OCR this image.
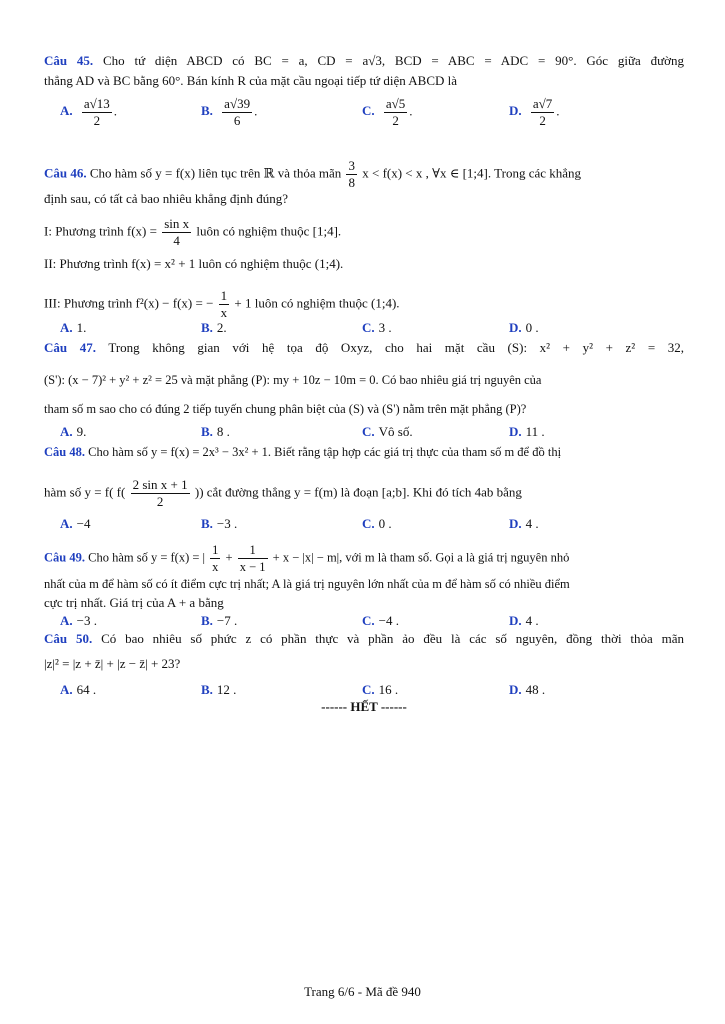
Câu 45. Cho tứ diện ABCD có BC = a, CD = a√3, BCD = ABC = ADC = 90°. Góc giữa đường
thẳng AD và BC bằng 60°. Bán kính R của mặt cầu ngoại tiếp tứ diện ABCD là
A. $\frac{a√13}{2}$ .	B. $\frac{a√39}{6}$ .	C. $\frac{a√5}{2}$ .	D. $\frac{a√7}{2}$ .
Câu 46. Cho hàm số y = f(x) liên tục trên ℝ và thỏa mãn $\frac{3}{8}$ x < f(x) < x , ∀x ∈ [1;4]. Trong các khẳng
định sau, có tất cả bao nhiêu khẳng định đúng?
I: Phương trình $f(x) = \frac{\text{sin x}}{4}$ luôn có nghiệm thuộc [1;4].
II: Phương trình f(x) = x² + 1 luôn có nghiệm thuộc (1;4).
III: Phương trình f²(x) − f(x) = − $\frac{1}{x} + 1$ luôn có nghiệm thuộc (1;4).
A. 1.	B. 2.	C. 3 .	D. 0 .
Câu 47. Trong không gian với hệ tọa độ Oxyz, cho hai mặt cầu (S): x² + y² + z² = 32,
(S'): (x − 7)² + y² + z² = 25 và mặt phẳng (P): my + 10z − 10m = 0. Có bao nhiêu giá trị nguyên của
tham số m sao cho có đúng 2 tiếp tuyến chung phân biệt của (S) và (S') nằm trên mặt phẳng (P)?
A. 9.	B. 8 .	C. Vô số.	D. 11 .
Câu 48. Cho hàm số y = f(x) = 2x³ − 3x² + 1. Biết rằng tập hợp các giá trị thực của tham số m để đồ thị
hàm số y = f( $f( \frac{\text{2 sin x + 1}}{2}$ )) cắt đường thẳng y = f(m) là đoạn [a;b]. Khi đó tích 4ab bằng
A. −4	B. −3 .	C. 0 .	D. 4 .
Câu 49. Cho hàm số y = f(x) = | $\frac{1}{x} + \frac{1}{x - 1} + x - |x| - m|$, với m là tham số. Gọi a là giá trị nguyên nhỏ
nhất của m để hàm số có ít điểm cực trị nhất; A là giá trị nguyên lớn nhất của m để hàm số có nhiều điểm
cực trị nhất. Giá trị của A + a bằng
A. −3 .	B. −7 .	C. −4 .	D. 4 .
Câu 50. Có bao nhiêu số phức z có phần thực và phần ảo đều là các số nguyên, đồng thời thỏa mãn
|z|² = |z + z̄| + |z − z̄| + 23?
A. 64 .	B. 12 .	C. 16 .	D. 48 .
------ HẾT ------
Trang 6/6 - Mã đề 940
